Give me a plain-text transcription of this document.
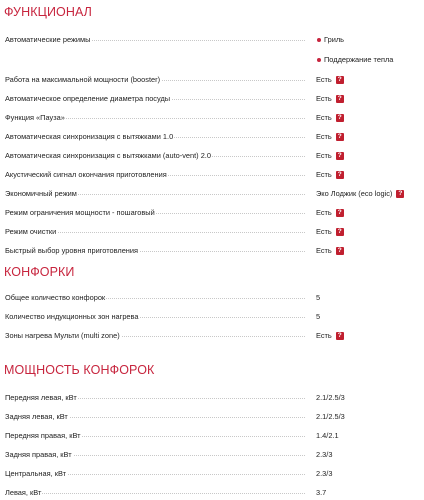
ФУНКЦИОНАЛ
Автоматические режимы	Гриль
Поддержание тепла
Работа на максимальной мощности (booster)	Есть ?
Автоматическое определение диаметра посуды	Есть ?
Функция «Пауза»	Есть ?
Автоматическая синхронизация с вытяжками 1.0	Есть ?
Автоматическая синхронизация с вытяжками (auto-vent) 2.0	Есть ?
Акустический сигнал окончания приготовления	Есть ?
Экономичный режим	Эко Лоджик (eco logic) ?
Режим ограничения мощности - пошаговый	Есть ?
Режим очистки	Есть ?
Быстрый выбор уровня приготовления	Есть ?
КОНФОРКИ
Общее количество конфорок	5
Количество индукционных зон нагрева	5
Зоны нагрева Мульти (multi zone)	Есть ?
МОЩНОСТЬ КОНФОРОК
Передняя левая, кВт	2.1/2.5/3
Задняя левая, кВт	2.1/2.5/3
Передняя правая, кВт	1.4/2.1
Задняя правая, кВт	2.3/3
Центральная, кВт	2.3/3
Левая, кВт	3.7
